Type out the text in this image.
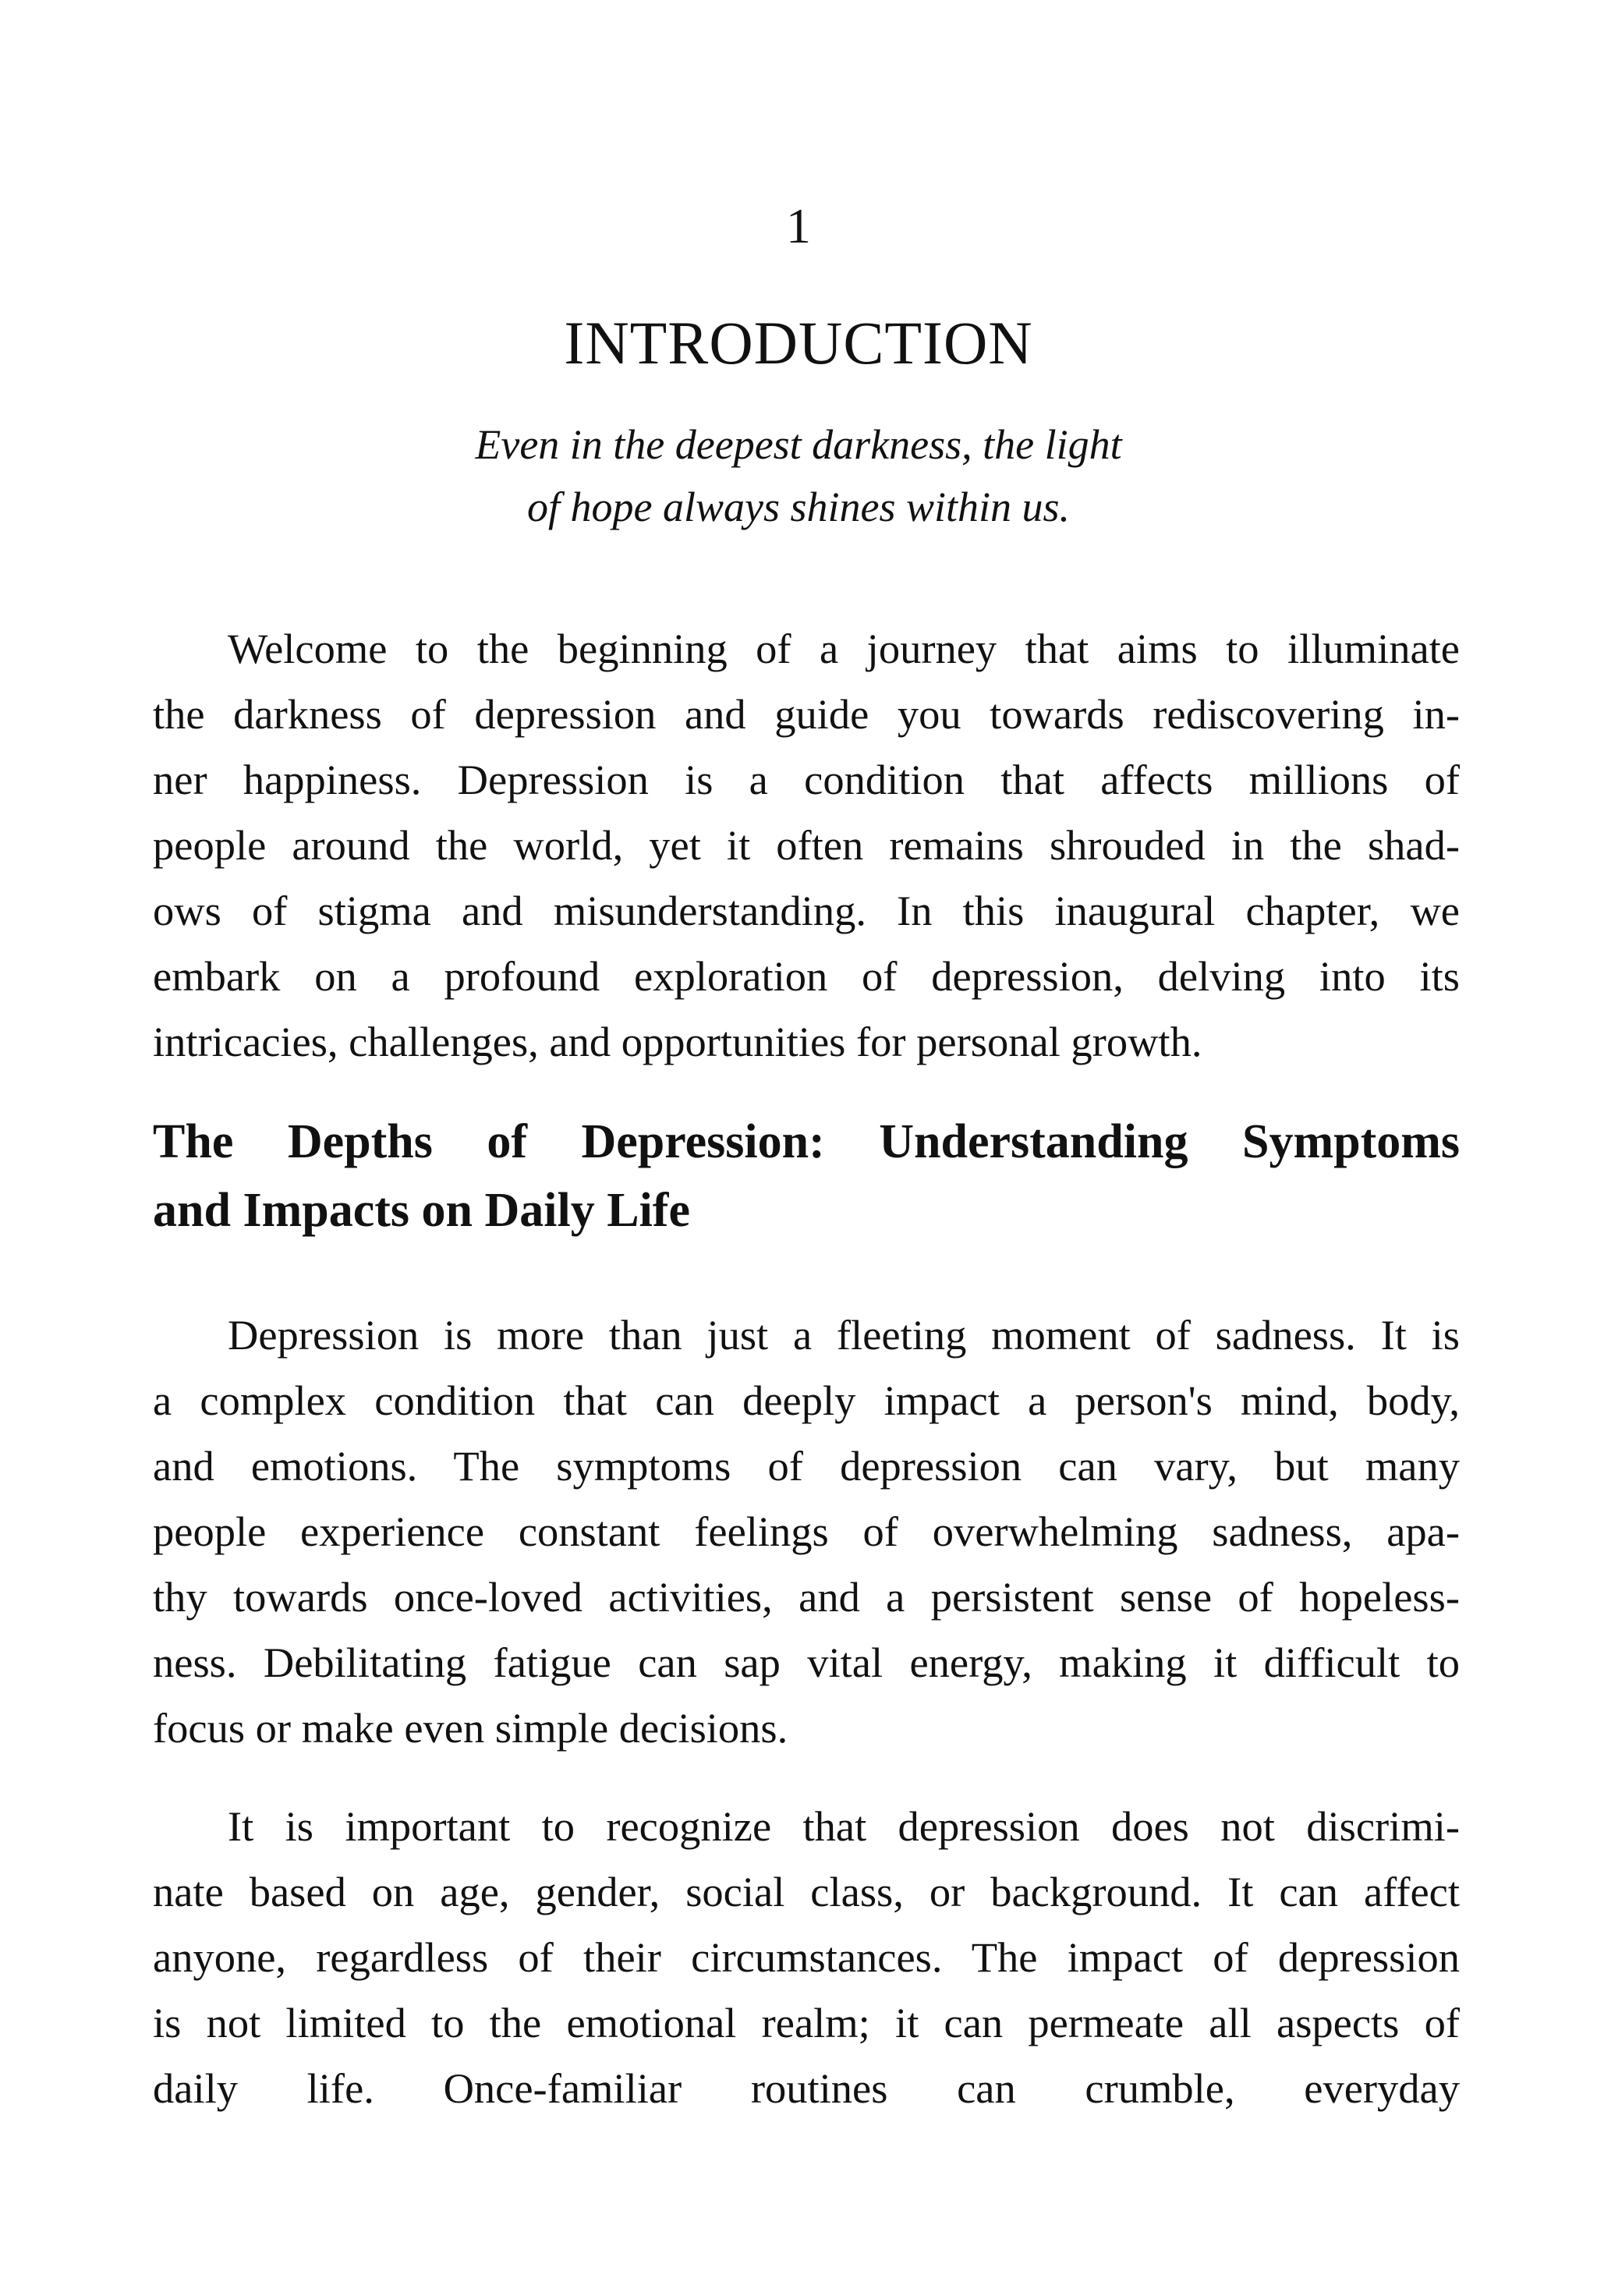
1
INTRODUCTION
Even in the deepest darkness, the light
of hope always shines within us.

Welcome to the beginning of a journey that aims to illuminate
the darkness of depression and guide you towards rediscovering in-
ner happiness. Depression is a condition that affects millions of
people around the world, yet it often remains shrouded in the shad-
ows of stigma and misunderstanding. In this inaugural chapter, we
embark on a profound exploration of depression, delving into its
intricacies, challenges, and opportunities for personal growth.

The Depths of Depression: Understanding Symptoms
and Impacts on Daily Life

Depression is more than just a fleeting moment of sadness. It is
a complex condition that can deeply impact a person's mind, body,
and emotions. The symptoms of depression can vary, but many
people experience constant feelings of overwhelming sadness, apa-
thy towards once-loved activities, and a persistent sense of hopeless-
ness. Debilitating fatigue can sap vital energy, making it difficult to
focus or make even simple decisions.

It is important to recognize that depression does not discrimi-
nate based on age, gender, social class, or background. It can affect
anyone, regardless of their circumstances. The impact of depression
is not limited to the emotional realm; it can permeate all aspects of
daily life. Once-familiar routines can crumble, everyday
